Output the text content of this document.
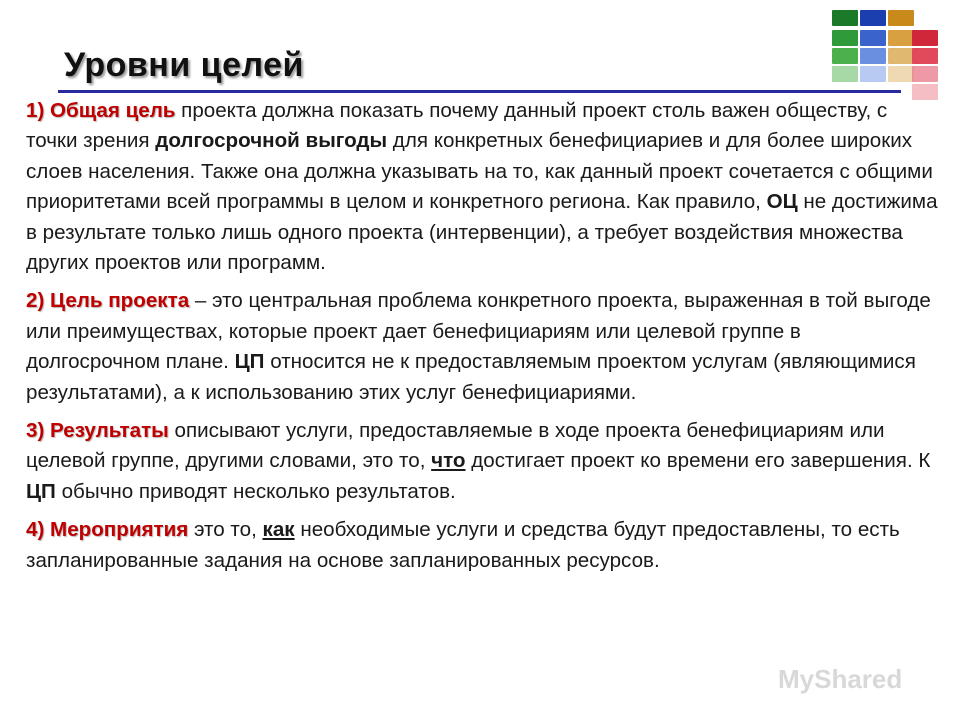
Уровни целей

1) Общая цель проекта должна показать почему данный проект столь важен обществу, с точки зрения долгосрочной выгоды для конкретных бенефициариев и для более широких слоев населения. Также она должна указывать на то, как данный проект сочетается с общими приоритетами всей программы в целом и конкретного региона. Как правило, ОЦ не достижима в результате только лишь одного проекта (интервенции), а требует воздействия множества других проектов или программ.

2) Цель проекта – это центральная проблема конкретного проекта, выраженная в той выгоде или преимуществах, которые проект дает бенефициариям или целевой группе в долгосрочном плане. ЦП относится не к предоставляемым проектом услугам (являющимися результатами), а к использованию этих услуг бенефициариями.

3) Результаты описывают услуги, предоставляемые в ходе проекта бенефициариям или целевой группе, другими словами, это то, что достигает проект ко времени его завершения. К ЦП обычно приводят несколько результатов.

4) Мероприятия это то, как необходимые услуги и средства будут предоставлены, то есть запланированные задания на основе запланированных ресурсов.

MyShared
